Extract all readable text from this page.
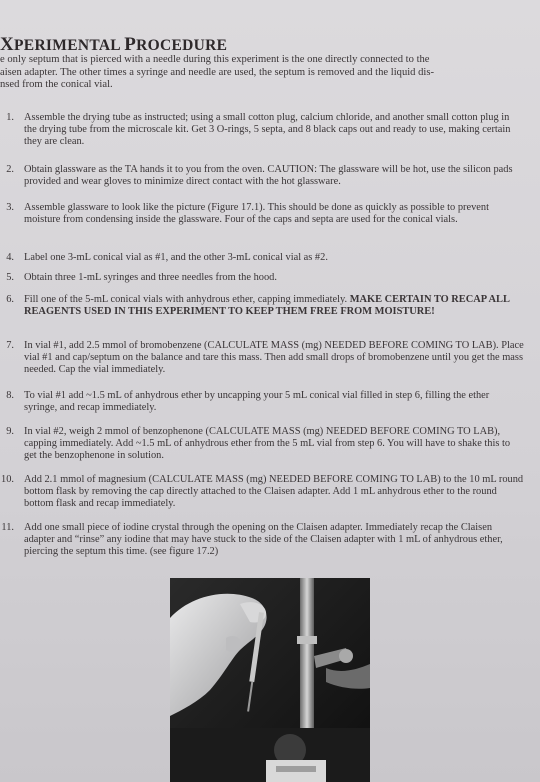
XPERIMENTAL PROCEDURE
e only septum that is pierced with a needle during this experiment is the one directly connected to the
aisen adapter. The other times a syringe and needle are used, the septum is removed and the liquid dis-
nsed from the conical vial.
1. Assemble the drying tube as instructed; using a small cotton plug, calcium chloride, and another small cotton plug in the drying tube from the microscale kit. Get 3 O-rings, 5 septa, and 8 black caps out and ready to use, making certain they are clean.
2. Obtain glassware as the TA hands it to you from the oven. CAUTION: The glassware will be hot, use the silicon pads provided and wear gloves to minimize direct contact with the hot glassware.
3. Assemble glassware to look like the picture (Figure 17.1). This should be done as quickly as possible to prevent moisture from condensing inside the glassware. Four of the caps and septa are used for the conical vials.
4. Label one 3-mL conical vial as #1, and the other 3-mL conical vial as #2.
5. Obtain three 1-mL syringes and three needles from the hood.
6. Fill one of the 5-mL conical vials with anhydrous ether, capping immediately. MAKE CERTAIN TO RECAP ALL REAGENTS USED IN THIS EXPERIMENT TO KEEP THEM FREE FROM MOISTURE!
7. In vial #1, add 2.5 mmol of bromobenzene (CALCULATE MASS (mg) NEEDED BEFORE COMING TO LAB). Place vial #1 and cap/septum on the balance and tare this mass. Then add small drops of bromobenzene until you get the mass needed. Cap the vial immediately.
8. To vial #1 add ~1.5 mL of anhydrous ether by uncapping your 5 mL conical vial filled in step 6, filling the ether syringe, and recap immediately.
9. In vial #2, weigh 2 mmol of benzophenone (CALCULATE MASS (mg) NEEDED BEFORE COMING TO LAB), capping immediately. Add ~1.5 mL of anhydrous ether from the 5 mL vial from step 6. You will have to shake this to get the benzophenone in solution.
10. Add 2.1 mmol of magnesium (CALCULATE MASS (mg) NEEDED BEFORE COMING TO LAB) to the 10 mL round bottom flask by removing the cap directly attached to the Claisen adapter. Add 1 mL anhydrous ether to the round bottom flask and recap immediately.
11. Add one small piece of iodine crystal through the opening on the Claisen adapter. Immediately recap the Claisen adapter and “rinse” any iodine that may have stuck to the side of the Claisen adapter with 1 mL of anhydrous ether, piercing the septum this time. (see figure 17.2)
